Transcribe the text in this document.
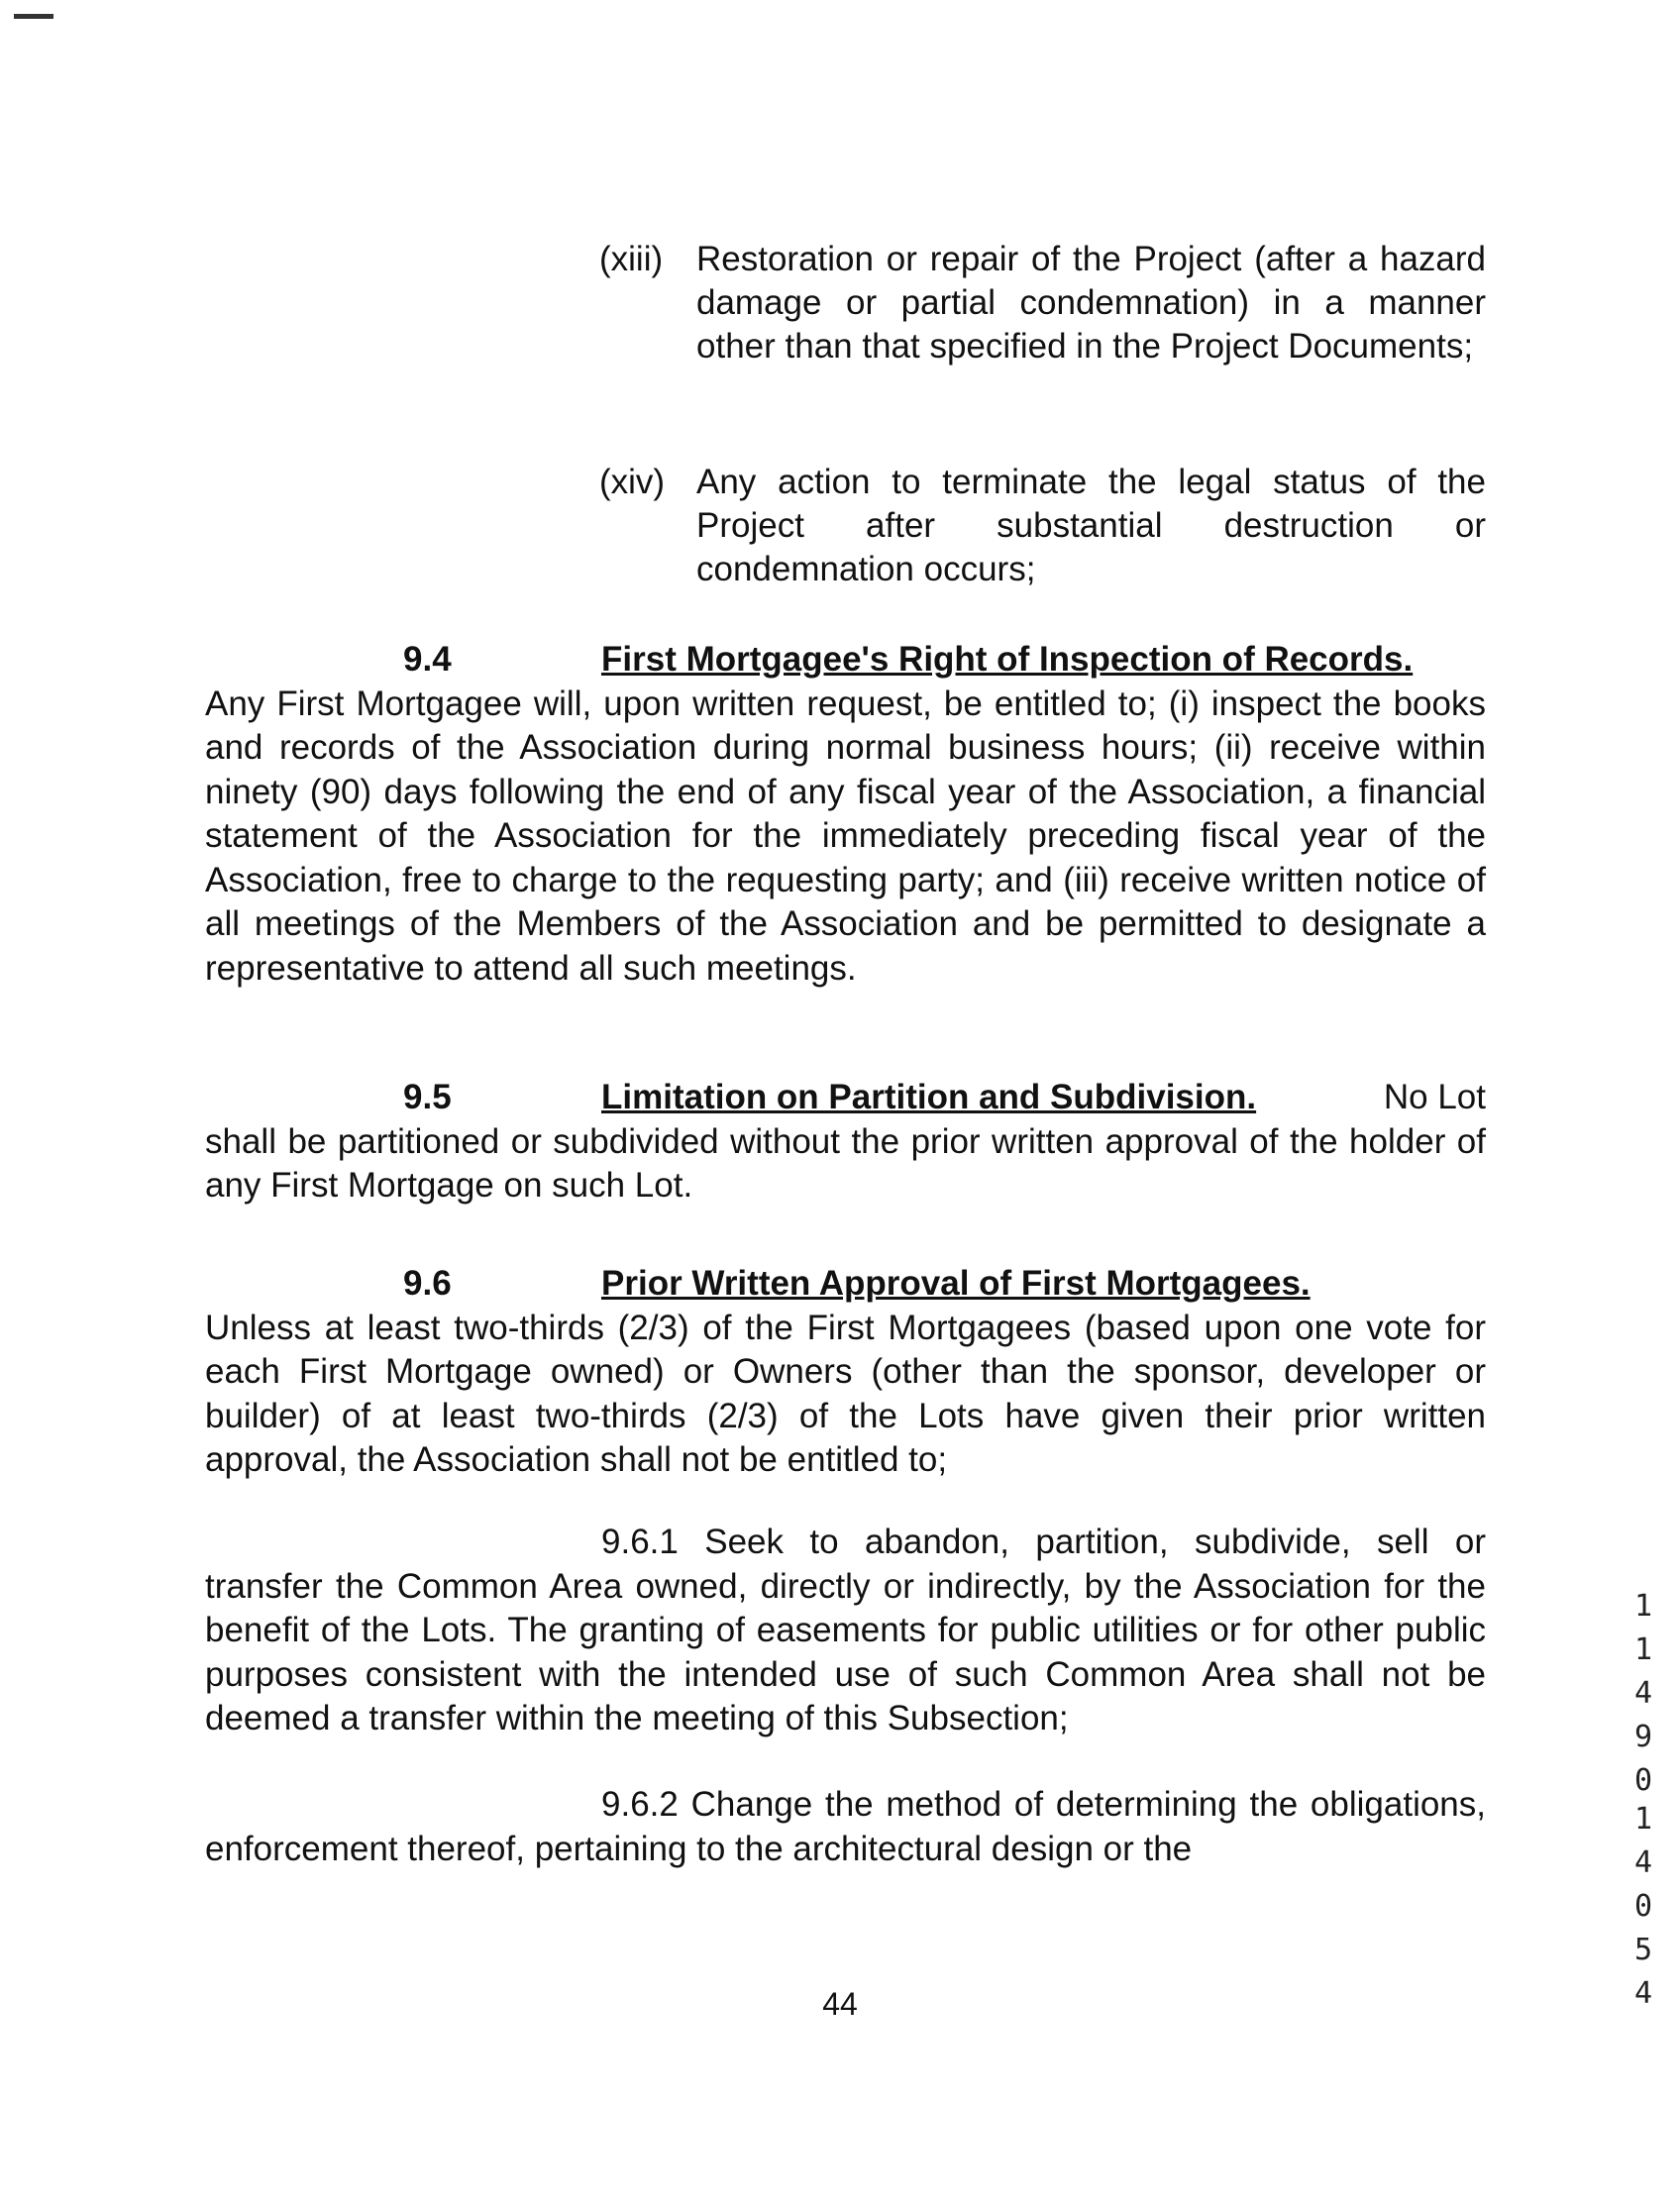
(xiii) Restoration or repair of the Project (after a hazard damage or partial condemnation) in a manner other than that specified in the Project Documents;
(xiv) Any action to terminate the legal status of the Project after substantial destruction or condemnation occurs;
9.4	First Mortgagee's Right of Inspection of Records.
Any First Mortgagee will, upon written request, be entitled to; (i) inspect the books and records of the Association during normal business hours; (ii) receive within ninety (90) days following the end of any fiscal year of the Association, a financial statement of the Association for the immediately preceding fiscal year of the Association, free to charge to the requesting party; and (iii) receive written notice of all meetings of the Members of the Association and be permitted to designate a representative to attend all such meetings.
9.5	Limitation on Partition and Subdivision.	No Lot
shall be partitioned or subdivided without the prior written approval of the holder of any First Mortgage on such Lot.
9.6	Prior Written Approval of First Mortgagees.
Unless at least two-thirds (2/3) of the First Mortgagees (based upon one vote for each First Mortgage owned) or Owners (other than the sponsor, developer or builder) of at least two-thirds (2/3) of the Lots have given their prior written approval, the Association shall not be entitled to;
9.6.1 Seek to abandon, partition, subdivide, sell or transfer the Common Area owned, directly or indirectly, by the Association for the benefit of the Lots. The granting of easements for public utilities or for other public purposes consistent with the intended use of such Common Area shall not be deemed a transfer within the meeting of this Subsection;
9.6.2 Change the method of determining the obligations, enforcement thereof, pertaining to the architectural design or the
44
11490
14054
